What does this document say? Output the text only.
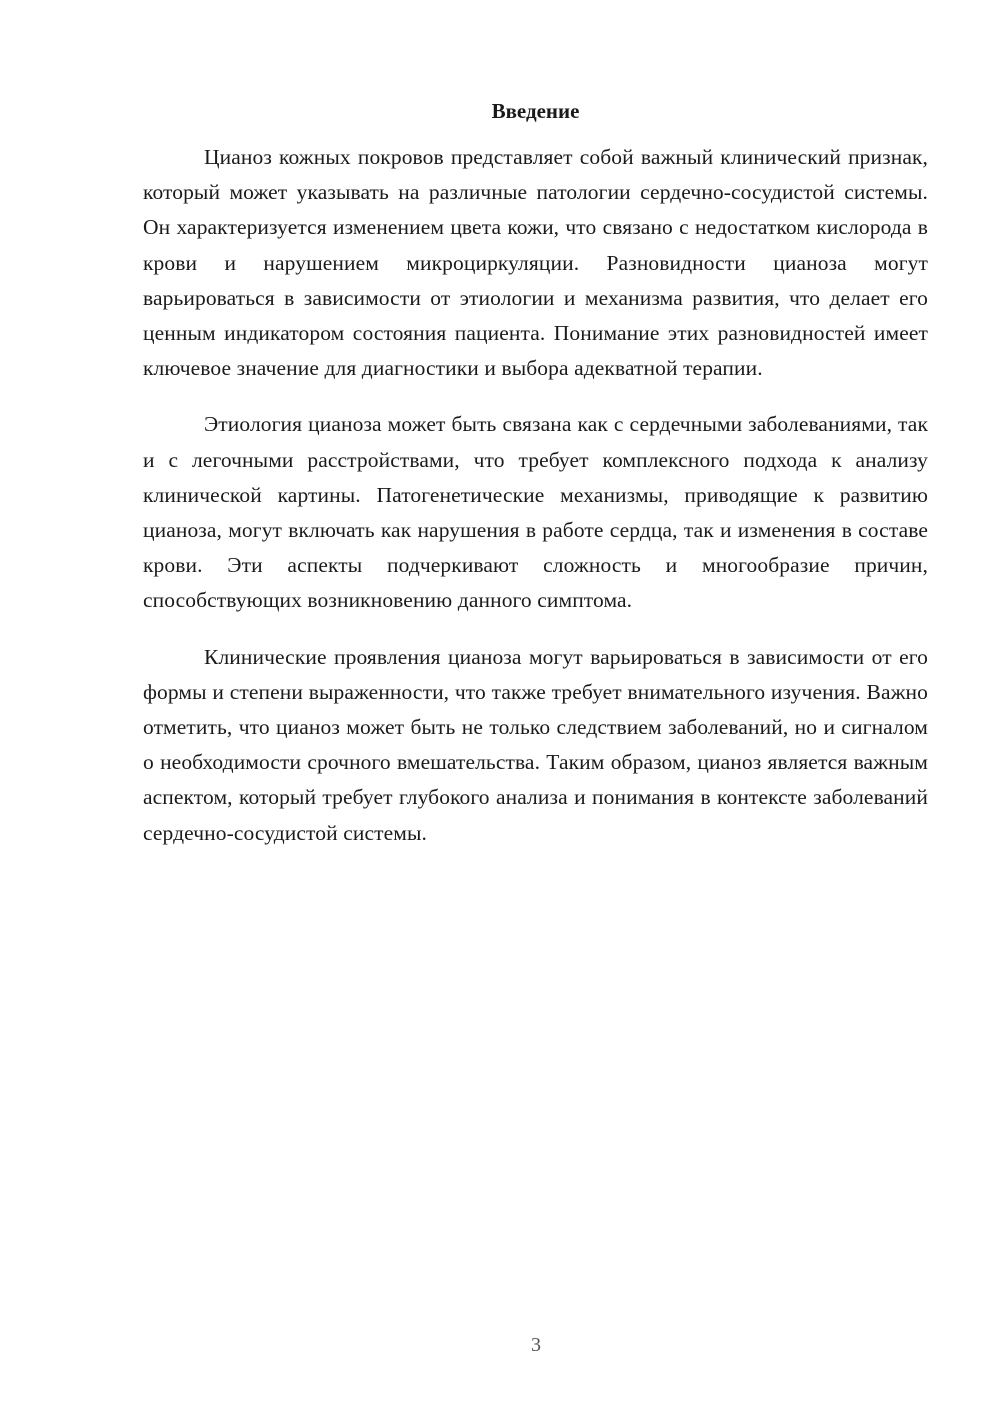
Введение

Цианоз кожных покровов представляет собой важный клинический признак, который может указывать на различные патологии сердечно-сосудистой системы. Он характеризуется изменением цвета кожи, что связано с недостатком кислорода в крови и нарушением микроциркуляции. Разновидности цианоза могут варьироваться в зависимости от этиологии и механизма развития, что делает его ценным индикатором состояния пациента. Понимание этих разновидностей имеет ключевое значение для диагностики и выбора адекватной терапии.

Этиология цианоза может быть связана как с сердечными заболеваниями, так и с легочными расстройствами, что требует комплексного подхода к анализу клинической картины. Патогенетические механизмы, приводящие к развитию цианоза, могут включать как нарушения в работе сердца, так и изменения в составе крови. Эти аспекты подчеркивают сложность и многообразие причин, способствующих возникновению данного симптома.

Клинические проявления цианоза могут варьироваться в зависимости от его формы и степени выраженности, что также требует внимательного изучения. Важно отметить, что цианоз может быть не только следствием заболеваний, но и сигналом о необходимости срочного вмешательства. Таким образом, цианоз является важным аспектом, который требует глубокого анализа и понимания в контексте заболеваний сердечно-сосудистой системы.

3
